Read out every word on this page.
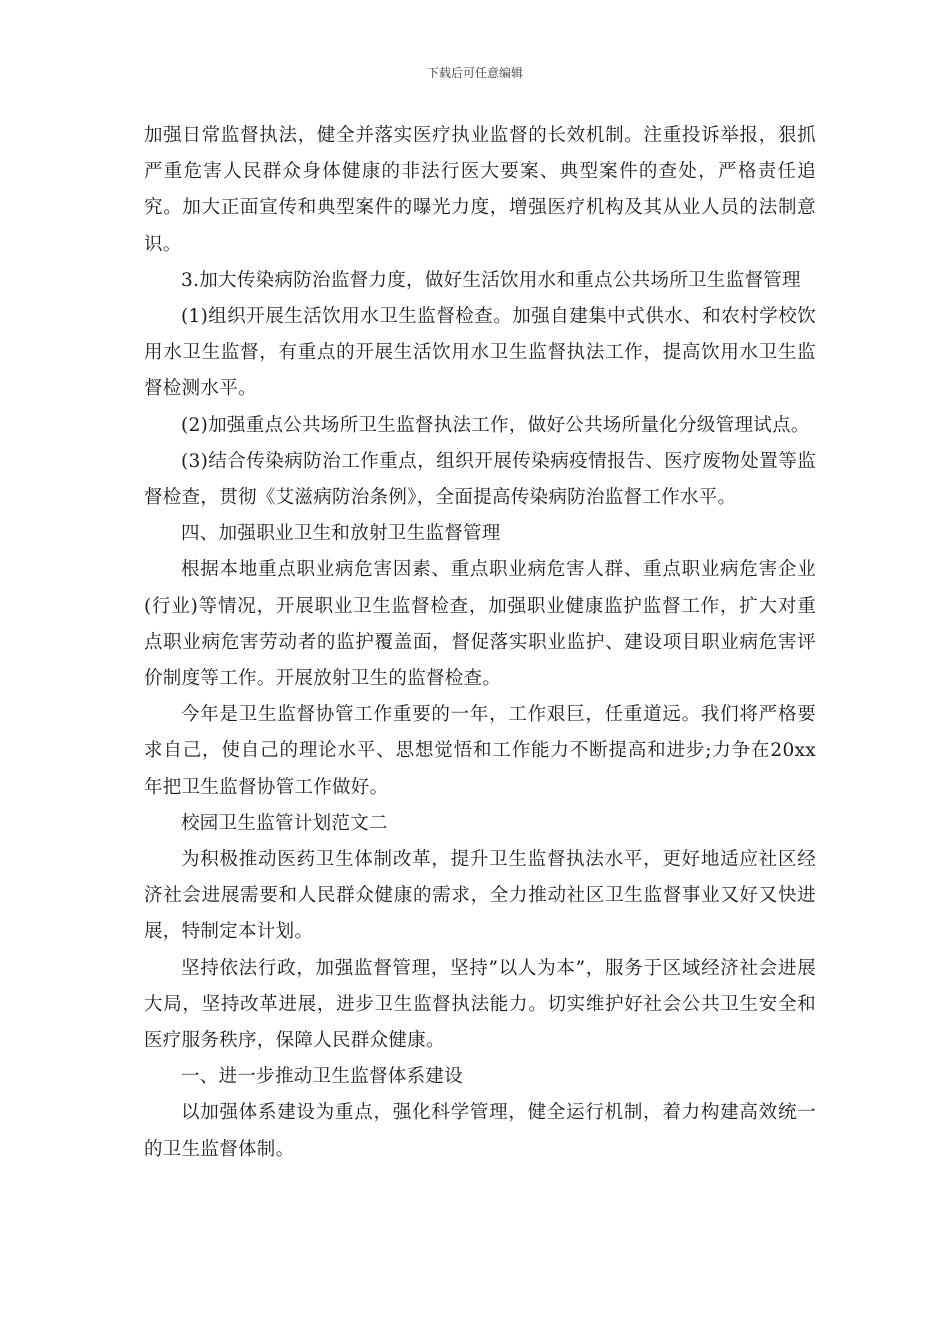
下载后可任意编辑

加强日常监督执法，健全并落实医疗执业监督的长效机制。注重投诉举报，狠抓严重危害人民群众身体健康的非法行医大要案、典型案件的查处，严格责任追究。加大正面宣传和典型案件的曝光力度，增强医疗机构及其从业人员的法制意识。

3.加大传染病防治监督力度，做好生活饮用水和重点公共场所卫生监督管理

(1)组织开展生活饮用水卫生监督检查。加强自建集中式供水、和农村学校饮用水卫生监督，有重点的开展生活饮用水卫生监督执法工作，提高饮用水卫生监督检测水平。

(2)加强重点公共场所卫生监督执法工作，做好公共场所量化分级管理试点。

(3)结合传染病防治工作重点，组织开展传染病疫情报告、医疗废物处置等监督检查，贯彻《艾滋病防治条例》，全面提高传染病防治监督工作水平。

四、加强职业卫生和放射卫生监督管理

根据本地重点职业病危害因素、重点职业病危害人群、重点职业病危害企业(行业)等情况，开展职业卫生监督检查，加强职业健康监护监督工作，扩大对重点职业病危害劳动者的监护覆盖面，督促落实职业监护、建设项目职业病危害评价制度等工作。开展放射卫生的监督检查。

今年是卫生监督协管工作重要的一年，工作艰巨，任重道远。我们将严格要求自己，使自己的理论水平、思想觉悟和工作能力不断提高和进步;力争在20xx年把卫生监督协管工作做好。

校园卫生监管计划范文二

为积极推动医药卫生体制改革，提升卫生监督执法水平，更好地适应社区经济社会进展需要和人民群众健康的需求，全力推动社区卫生监督事业又好又快进展，特制定本计划。

坚持依法行政，加强监督管理，坚持”以人为本”，服务于区域经济社会进展大局，坚持改革进展，进步卫生监督执法能力。切实维护好社会公共卫生安全和医疗服务秩序，保障人民群众健康。

一、进一步推动卫生监督体系建设

以加强体系建设为重点，强化科学管理，健全运行机制，着力构建高效统一的卫生监督体制。
